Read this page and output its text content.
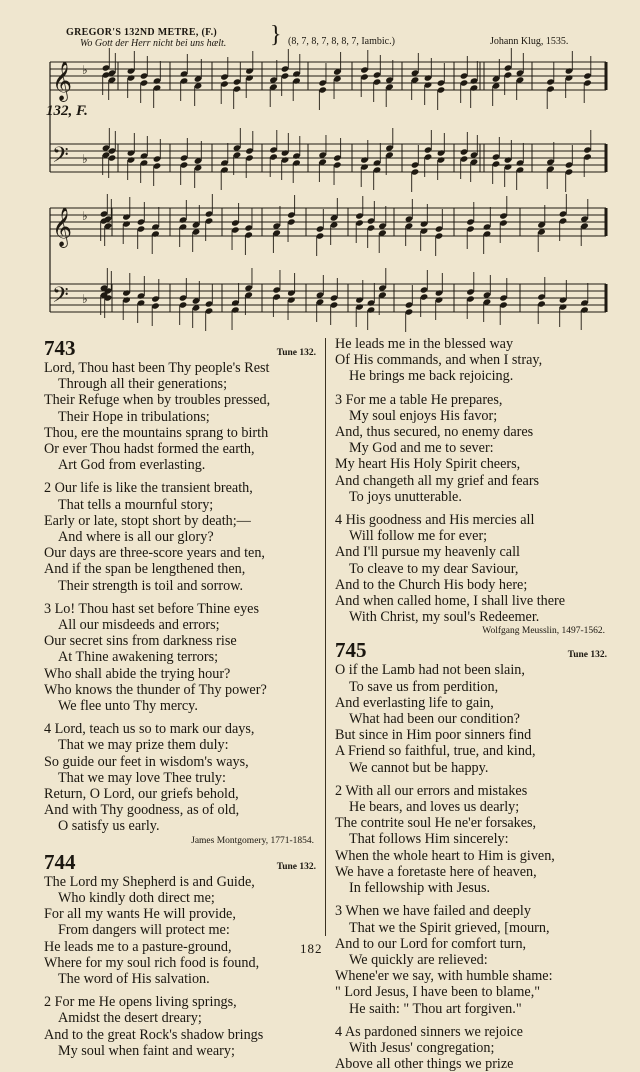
GREGOR'S 132ND METRE, (F.)
Wo Gott der Herr nicht bei uns hælt. } (8, 7, 8, 7, 8, 8, 7, Iambic.)	Johann Klug, 1535.
132, F.
𝄞
𝄢
♭
♭
𝄞
𝄢
♭
♭
743	Tune 132.
Lord, Thou hast been Thy people's Rest
Through all their generations;
Their Refuge when by troubles pressed,
Their Hope in tribulations;
Thou, ere the mountains sprang to birth
Or ever Thou hadst formed the earth,
Art God from everlasting.
2 Our life is like the transient breath,
That tells a mournful story;
Early or late, stopt short by death;—
And where is all our glory?
Our days are three-score years and ten,
And if the span be lengthened then,
Their strength is toil and sorrow.
3 Lo! Thou hast set before Thine eyes
All our misdeeds and errors;
Our secret sins from darkness rise
At Thine awakening terrors;
Who shall abide the trying hour?
Who knows the thunder of Thy power?
We flee unto Thy mercy.
4 Lord, teach us so to mark our days,
That we may prize them duly:
So guide our feet in wisdom's ways,
That we may love Thee truly:
Return, O Lord, our griefs behold,
And with Thy goodness, as of old,
O satisfy us early.
James Montgomery, 1771-1854.
744	Tune 132.
The Lord my Shepherd is and Guide,
Who kindly doth direct me;
For all my wants He will provide,
From dangers will protect me:
He leads me to a pasture-ground,
Where for my soul rich food is found,
The word of His salvation.
2 For me He opens living springs,
Amidst the desert dreary;
And to the great Rock's shadow brings
My soul when faint and weary;
He leads me in the blessed way
Of His commands, and when I stray,
He brings me back rejoicing.
3 For me a table He prepares,
My soul enjoys His favor;
And, thus secured, no enemy dares
My God and me to sever:
My heart His Holy Spirit cheers,
And changeth all my grief and fears
To joys unutterable.
4 His goodness and His mercies all
Will follow me for ever;
And I'll pursue my heavenly call
To cleave to my dear Saviour,
And to the Church His body here;
And when called home, I shall live there
With Christ, my soul's Redeemer.
Wolfgang Meusslin, 1497-1562.
745	Tune 132.
O if the Lamb had not been slain,
To save us from perdition,
And everlasting life to gain,
What had been our condition?
But since in Him poor sinners find
A Friend so faithful, true, and kind,
We cannot but be happy.
2 With all our errors and mistakes
He bears, and loves us dearly;
The contrite soul He ne'er forsakes,
That follows Him sincerely:
When the whole heart to Him is given,
We have a foretaste here of heaven,
In fellowship with Jesus.
3 When we have failed and deeply
That we the Spirit grieved, [mourn,
And to our Lord for comfort turn,
We quickly are relieved:
Whene'er we say, with humble shame:
" Lord Jesus, I have been to blame,"
He saith: " Thou art forgiven."
4 As pardoned sinners we rejoice
With Jesus' congregation;
Above all other things we prize
182
